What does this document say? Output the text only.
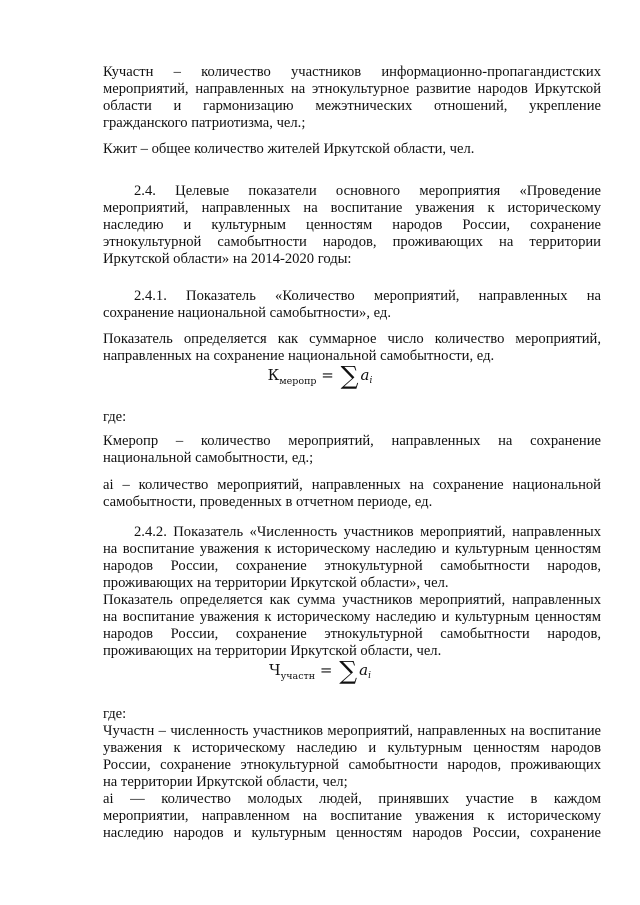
Кучастн – количество участников информационно-пропагандистских

мероприятий, направленных на этнокультурное развитие народов Иркутской

области и гармонизацию межэтнических отношений, укрепление

гражданского патриотизма, чел.;

Кжит – общее количество жителей Иркутской области, чел.

2.4. Целевые показатели основного мероприятия «Проведение

мероприятий, направленных на воспитание уважения к историческому

наследию и культурным ценностям народов России, сохранение

этнокультурной самобытности народов, проживающих на территории

Иркутской области» на 2014-2020 годы:

2.4.1. Показатель «Количество мероприятий, направленных на

сохранение национальной самобытности», ед.

Показатель определяется как суммарное число количество мероприятий,

направленных на сохранение национальной самобытности, ед.

$К_{меропр}$ = ∑ $a_i$

где:

Кмеропр – количество мероприятий, направленных на сохранение

национальной самобытности, ед.;

ai – количество мероприятий, направленных на сохранение национальной

самобытности, проведенных в отчетном периоде, ед.

2.4.2. Показатель «Численность участников мероприятий, направленных

на воспитание уважения к историческому наследию и культурным ценностям

народов России, сохранение этнокультурной самобытности народов,

проживающих на территории Иркутской области», чел.

Показатель определяется как сумма участников мероприятий, направленных

на воспитание уважения к историческому наследию и культурным ценностям

народов России, сохранение этнокультурной самобытности народов,

проживающих на территории Иркутской области, чел.

$Ч_{участн}$ = ∑ $a_i$

где:

Чучастн – численность участников мероприятий, направленных на воспитание

уважения к историческому наследию и культурным ценностям народов

России, сохранение этнокультурной самобытности народов, проживающих

на территории Иркутской области, чел;

ai — количество молодых людей, принявших участие в каждом

мероприятии, направленном на воспитание уважения к историческому

наследию народов и культурным ценностям народов России, сохранение
